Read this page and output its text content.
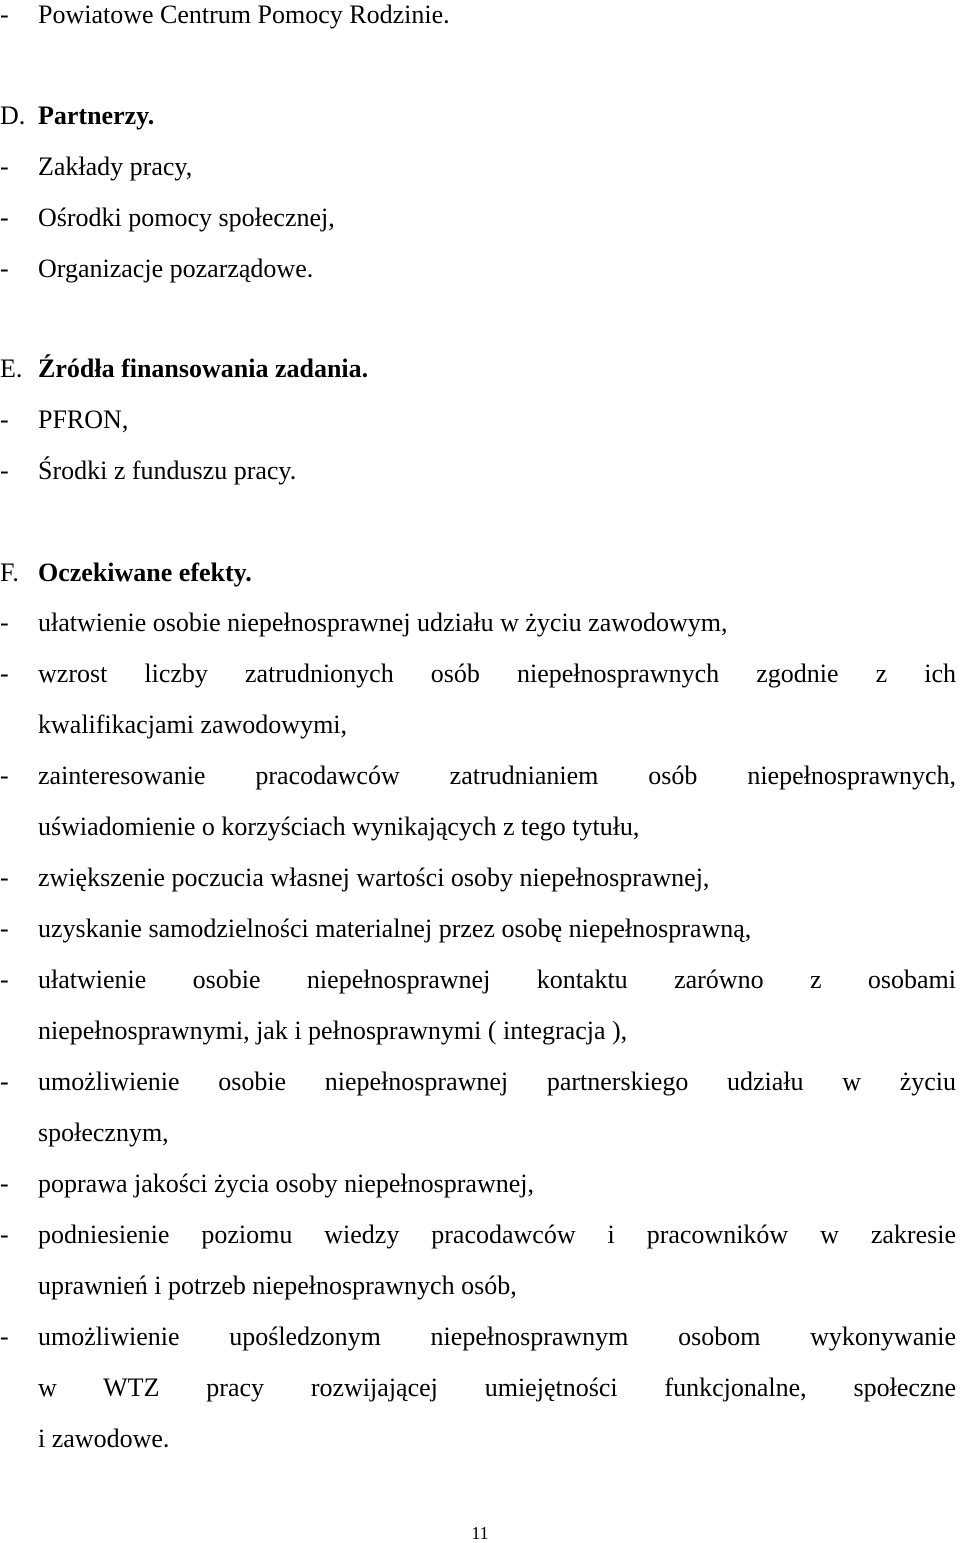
-	Powiatowe Centrum Pomocy Rodzinie.
D. Partnerzy.
-	Zakłady pracy,
-	Ośrodki pomocy społecznej,
-	Organizacje pozarządowe.
E. Źródła finansowania zadania.
-	PFRON,
-	Środki z funduszu pracy.
F. Oczekiwane efekty.
-	ułatwienie osobie niepełnosprawnej udziału w życiu zawodowym,
-	wzrost liczby zatrudnionych osób niepełnosprawnych zgodnie z ich
kwalifikacjami zawodowymi,
-	zainteresowanie pracodawców zatrudnianiem osób niepełnosprawnych,
uświadomienie o korzyściach wynikających z tego tytułu,
-	zwiększenie poczucia własnej wartości osoby niepełnosprawnej,
-	uzyskanie samodzielności materialnej przez osobę niepełnosprawną,
-	ułatwienie osobie niepełnosprawnej kontaktu zarówno z osobami
niepełnosprawnymi, jak i pełnosprawnymi ( integracja ),
-	umożliwienie osobie niepełnosprawnej partnerskiego udziału w życiu
społecznym,
-	poprawa jakości życia osoby niepełnosprawnej,
-	podniesienie poziomu wiedzy pracodawców i pracowników w zakresie
uprawnień i potrzeb niepełnosprawnych osób,
-	umożliwienie upośledzonym niepełnosprawnym osobom wykonywanie
w WTZ pracy rozwijającej umiejętności funkcjonalne, społeczne
i zawodowe.
11
